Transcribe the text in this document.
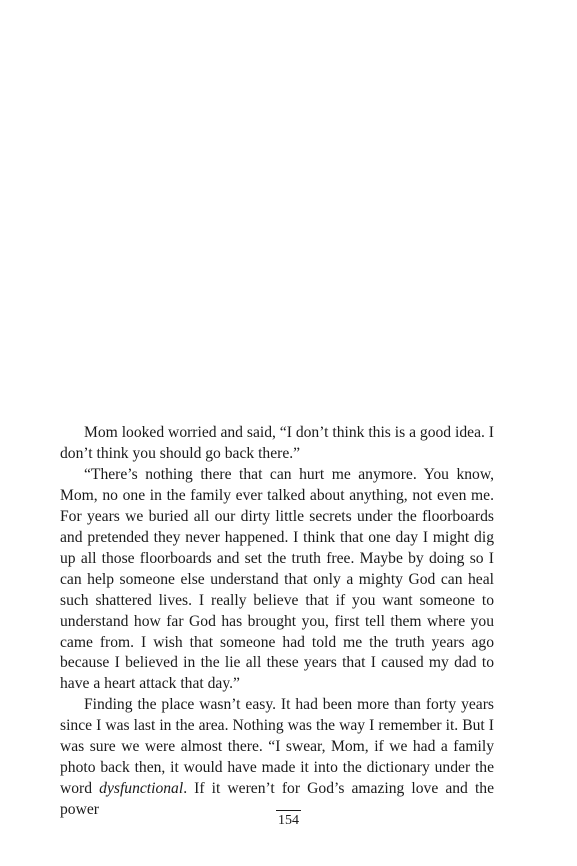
Mom looked worried and said, “I don’t think this is a good idea. I don’t think you should go back there.”

“There’s nothing there that can hurt me anymore. You know, Mom, no one in the family ever talked about anything, not even me. For years we buried all our dirty little secrets under the floorboards and pretended they never happened. I think that one day I might dig up all those floorboards and set the truth free. Maybe by doing so I can help someone else understand that only a mighty God can heal such shattered lives. I really believe that if you want someone to understand how far God has brought you, first tell them where you came from. I wish that someone had told me the truth years ago because I believed in the lie all these years that I caused my dad to have a heart attack that day.”

Finding the place wasn’t easy. It had been more than forty years since I was last in the area. Nothing was the way I remember it. But I was sure we were almost there. “I swear, Mom, if we had a family photo back then, it would have made it into the dictionary under the word dysfunctional. If it weren’t for God’s amazing love and the power

154
